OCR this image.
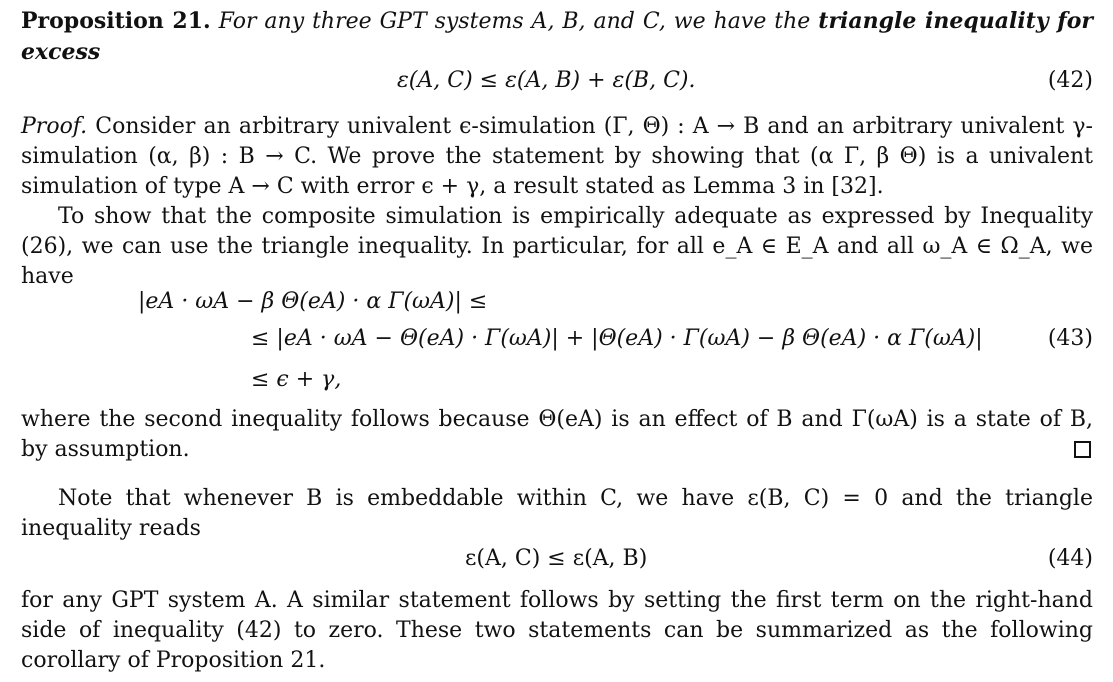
Proposition 21. For any three GPT systems A, B, and C, we have the triangle inequality for excess
ε(A, C) ≤ ε(A, B) + ε(B, C).	(42)
Proof. Consider an arbitrary univalent ϵ-simulation (Γ, Θ) : A → B and an arbitrary univalent γ-simulation (α, β) : B → C. We prove the statement by showing that (α Γ, β Θ) is a univalent simulation of type A → C with error ϵ + γ, a result stated as Lemma 3 in [32].
To show that the composite simulation is empirically adequate as expressed by Inequality (26), we can use the triangle inequality. In particular, for all e_A ∈ E_A and all ω_A ∈ Ω_A, we have
|eA · ωA − β Θ(eA) · α Γ(ωA)| ≤
≤ |eA · ωA − Θ(eA) · Γ(ωA)| + |Θ(eA) · Γ(ωA) − β Θ(eA) · α Γ(ωA)|	(43)
≤ ϵ + γ,
where the second inequality follows because Θ(eA) is an effect of B and Γ(ωA) is a state of B, by assumption.
Note that whenever B is embeddable within C, we have ε(B, C) = 0 and the triangle inequality reads
ε(A, C) ≤ ε(A, B)	(44)
for any GPT system A. A similar statement follows by setting the first term on the right-hand side of inequality (42) to zero. These two statements can be summarized as the following corollary of Proposition 21.
